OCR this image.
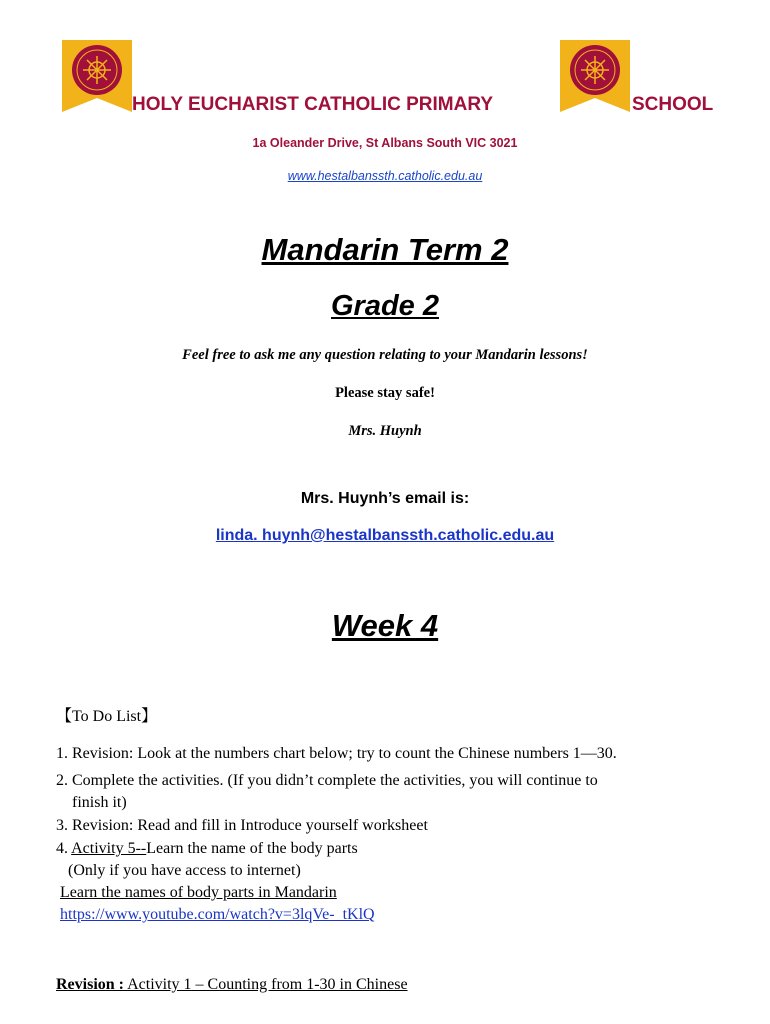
HOLY EUCHARIST CATHOLIC PRIMARY	SCHOOL
1a Oleander Drive, St Albans South VIC 3021
www.hestalbanssth.catholic.edu.au
Mandarin Term 2
Grade 2
Feel free to ask me any question relating to your Mandarin lessons!
Please stay safe!
Mrs. Huynh
Mrs. Huynh’s email is:
linda. huynh@hestalbanssth.catholic.edu.au
Week 4
【To Do List】
1. Revision: Look at the numbers chart below; try to count the Chinese numbers 1—30.
2. Complete the activities. (If you didn’t complete the activities, you will continue to
finish it)
3. Revision: Read and fill in Introduce yourself worksheet
4. Activity 5--Learn the name of the body parts
(Only if you have access to internet)
Learn the names of body parts in Mandarin
https://www.youtube.com/watch?v=3lqVe-_tKlQ
Revision : Activity 1 – Counting from 1-30 in Chinese
